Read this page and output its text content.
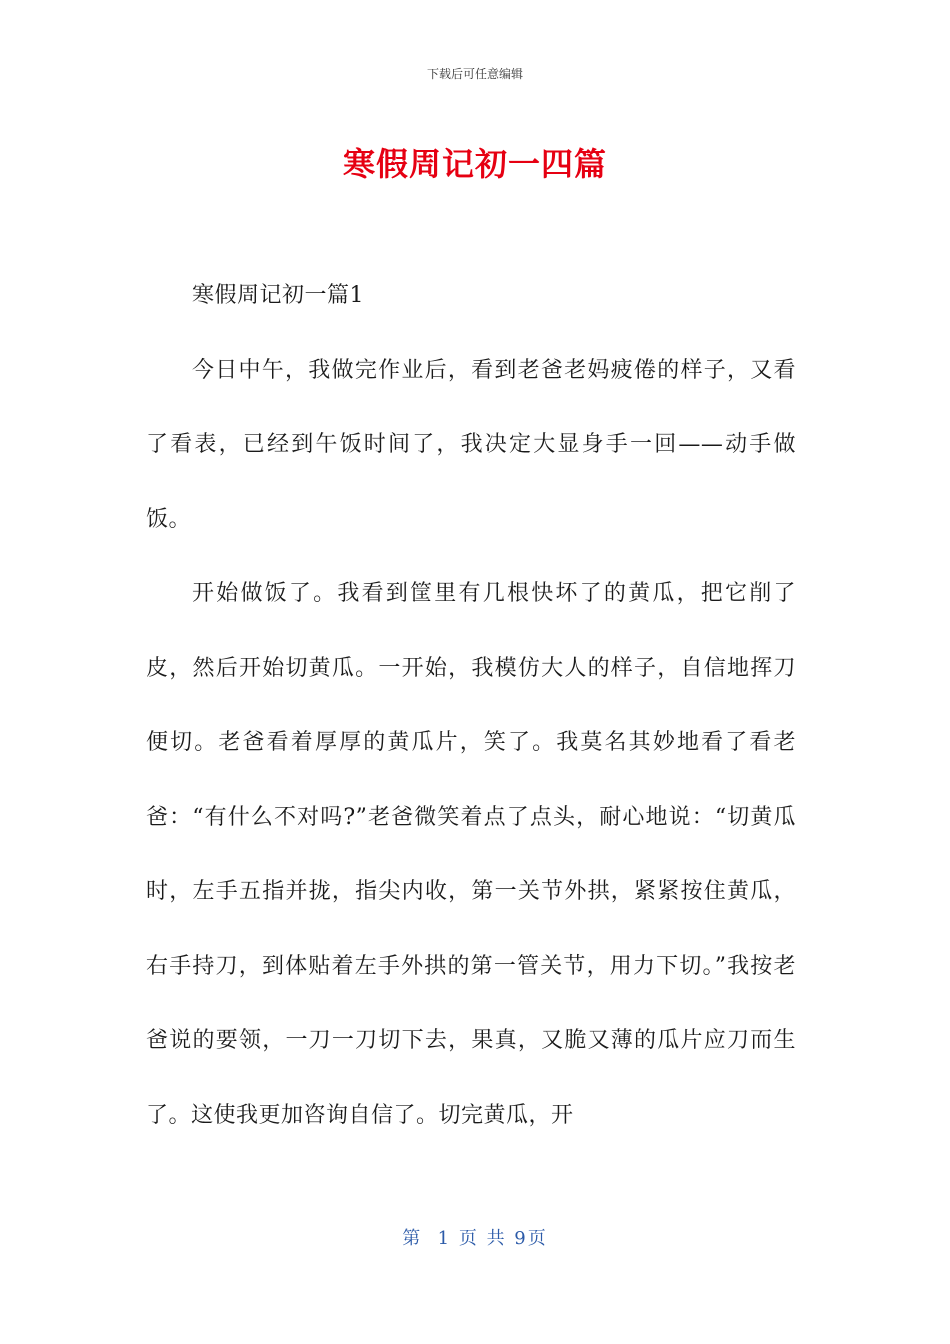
下载后可任意编辑
寒假周记初一四篇

寒假周记初一篇1

今日中午，我做完作业后，看到老爸老妈疲倦的样子，又看了看表，已经到午饭时间了，我决定大显身手一回——动手做饭。

开始做饭了。我看到筐里有几根快坏了的黄瓜，把它削了皮，然后开始切黄瓜。一开始，我模仿大人的样子，自信地挥刀便切。老爸看着厚厚的黄瓜片，笑了。我莫名其妙地看了看老爸：“有什么不对吗?”老爸微笑着点了点头，耐心地说：“切黄瓜时，左手五指并拢，指尖内收，第一关节外拱，紧紧按住黄瓜，右手持刀，到体贴着左手外拱的第一管关节，用力下切。”我按老爸说的要领，一刀一刀切下去，果真，又脆又薄的瓜片应刀而生了。这使我更加咨询自信了。切完黄瓜，开

第  1 页 共 9页
